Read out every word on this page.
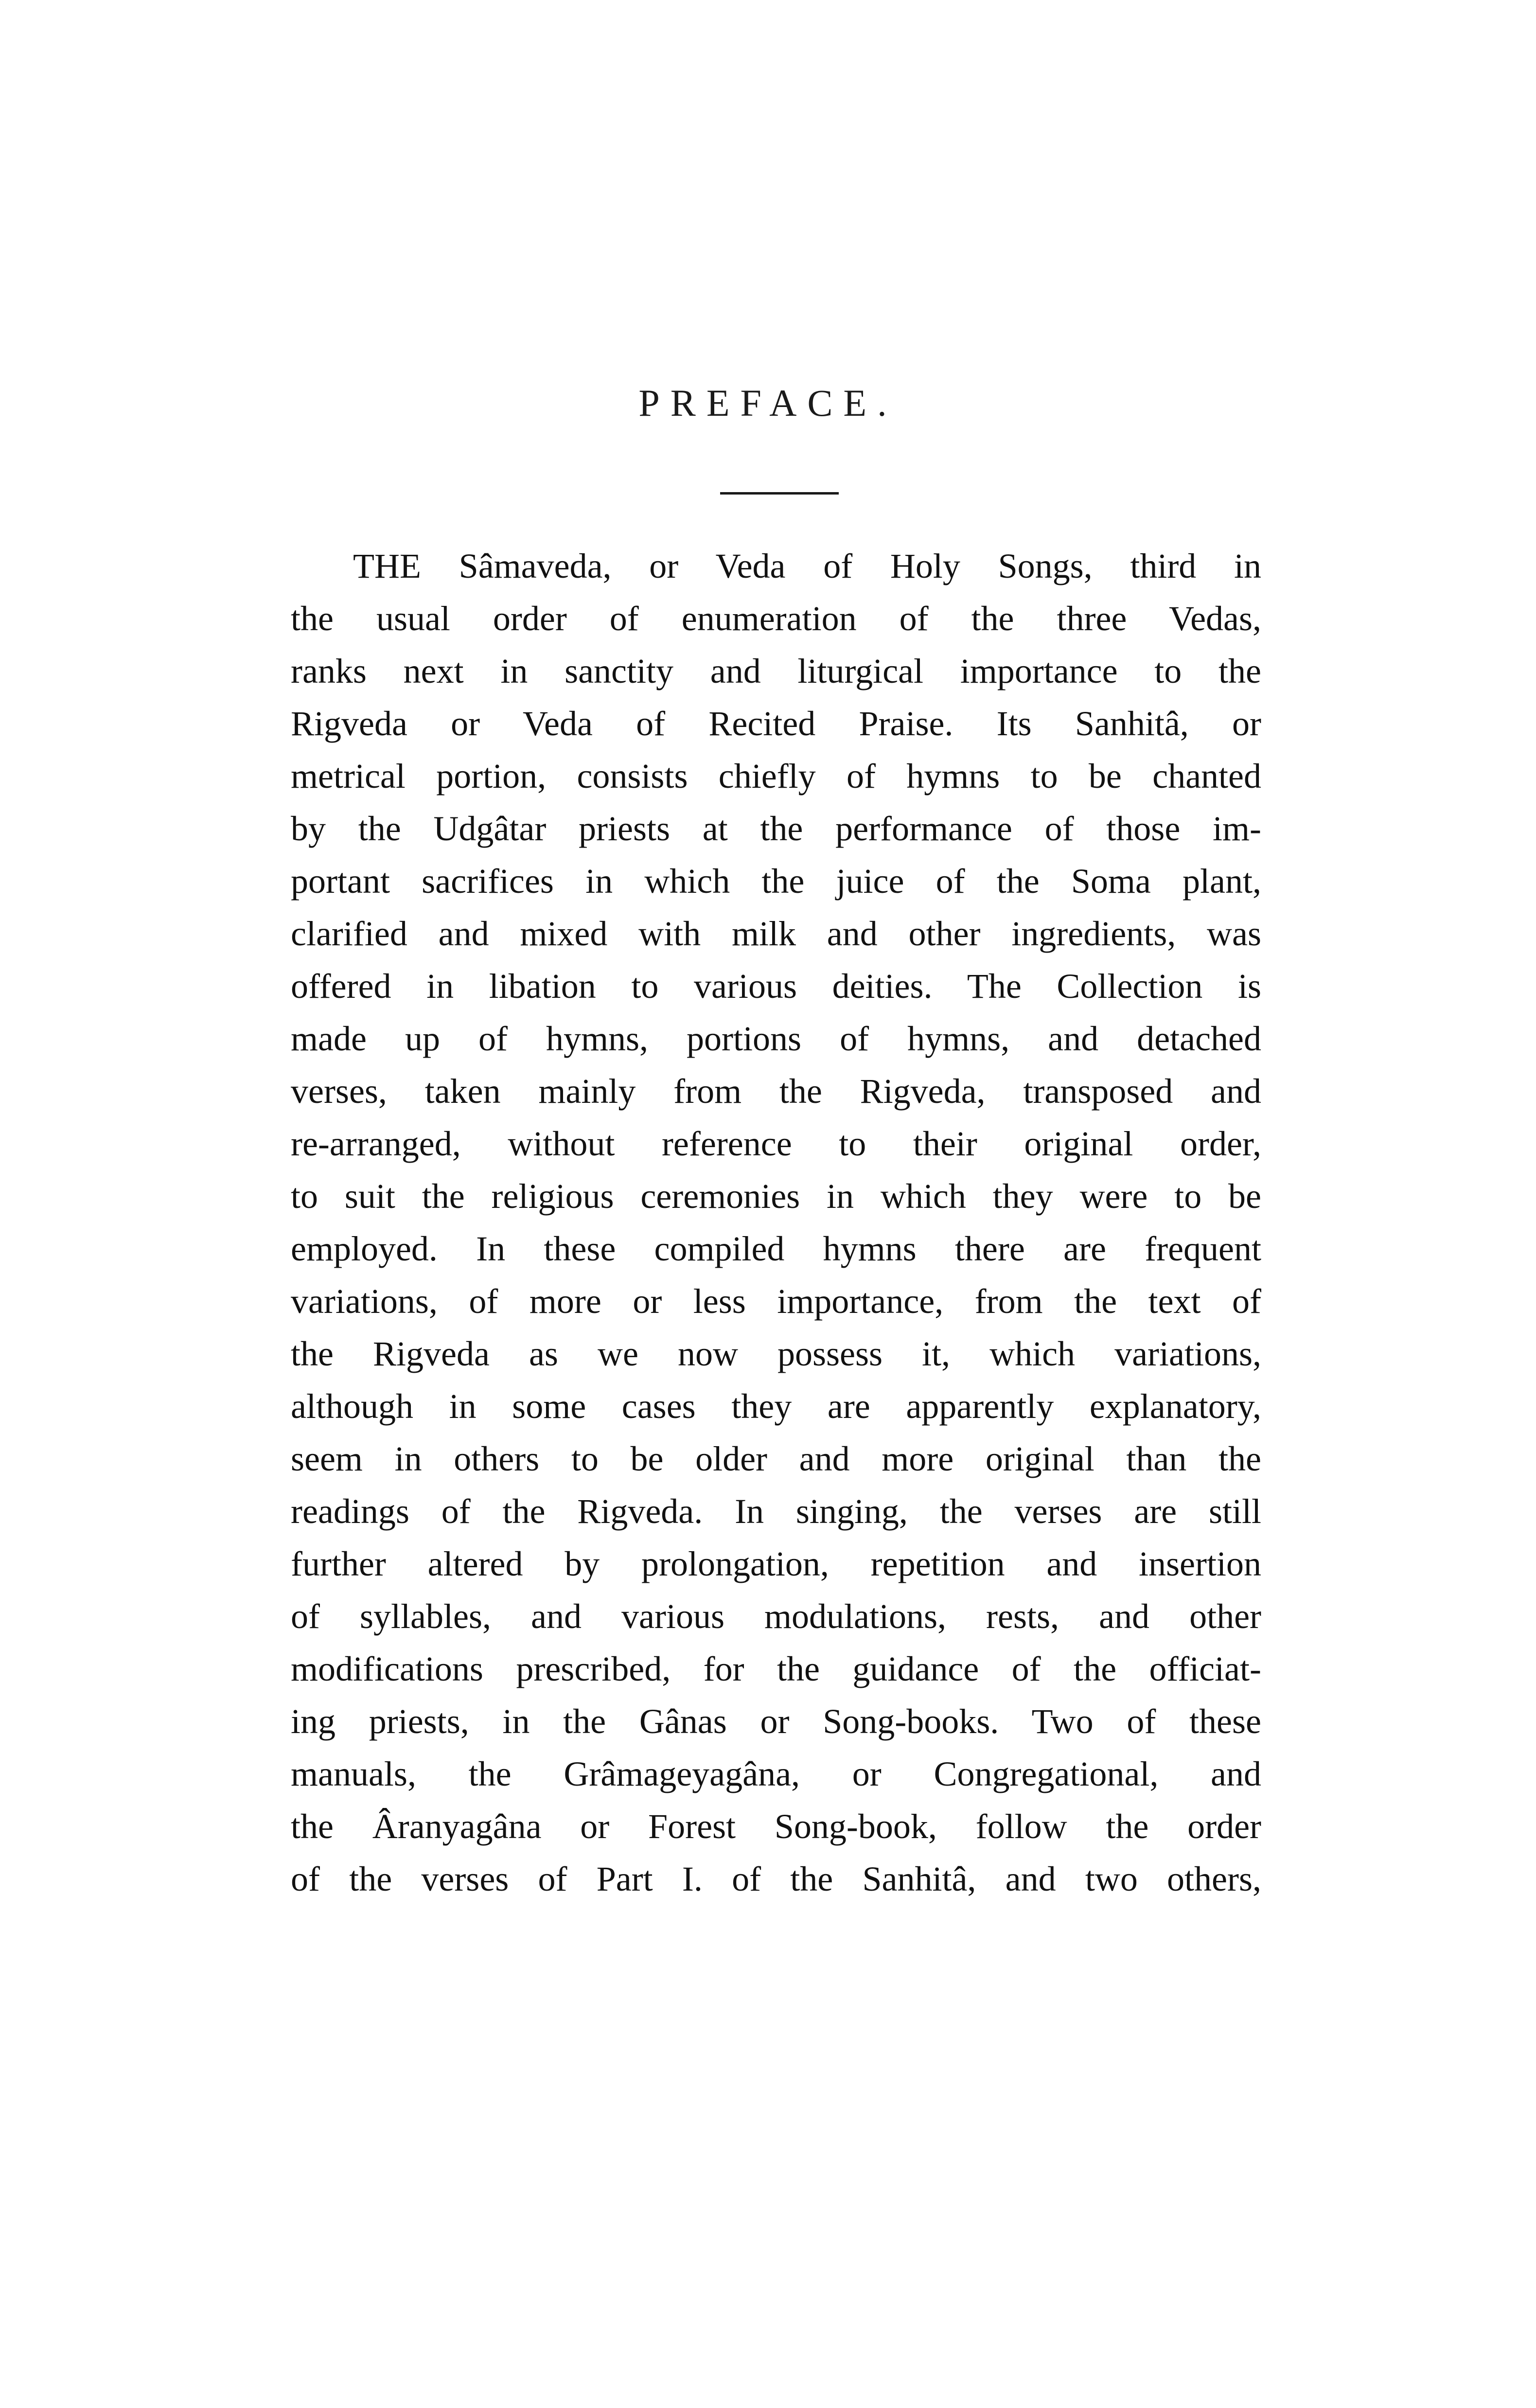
PREFACE.
THE Sâmaveda, or Veda of Holy Songs, third in
the usual order of enumeration of the three Vedas,
ranks next in sanctity and liturgical importance to the
Rigveda or Veda of Recited Praise. Its Sanhitâ, or
metrical portion, consists chiefly of hymns to be chanted
by the Udgâtar priests at the performance of those im-
portant sacrifices in which the juice of the Soma plant,
clarified and mixed with milk and other ingredients, was
offered in libation to various deities. The Collection is
made up of hymns, portions of hymns, and detached
verses, taken mainly from the Rigveda, transposed and
re-arranged, without reference to their original order,
to suit the religious ceremonies in which they were to be
employed. In these compiled hymns there are frequent
variations, of more or less importance, from the text of
the Rigveda as we now possess it, which variations,
although in some cases they are apparently explanatory,
seem in others to be older and more original than the
readings of the Rigveda. In singing, the verses are still
further altered by prolongation, repetition and insertion
of syllables, and various modulations, rests, and other
modifications prescribed, for the guidance of the officiat-
ing priests, in the Gânas or Song-books. Two of these
manuals, the Grâmageyagâna, or Congregational, and
the Âranyagâna or Forest Song-book, follow the order
of the verses of Part I. of the Sanhitâ, and two others,
